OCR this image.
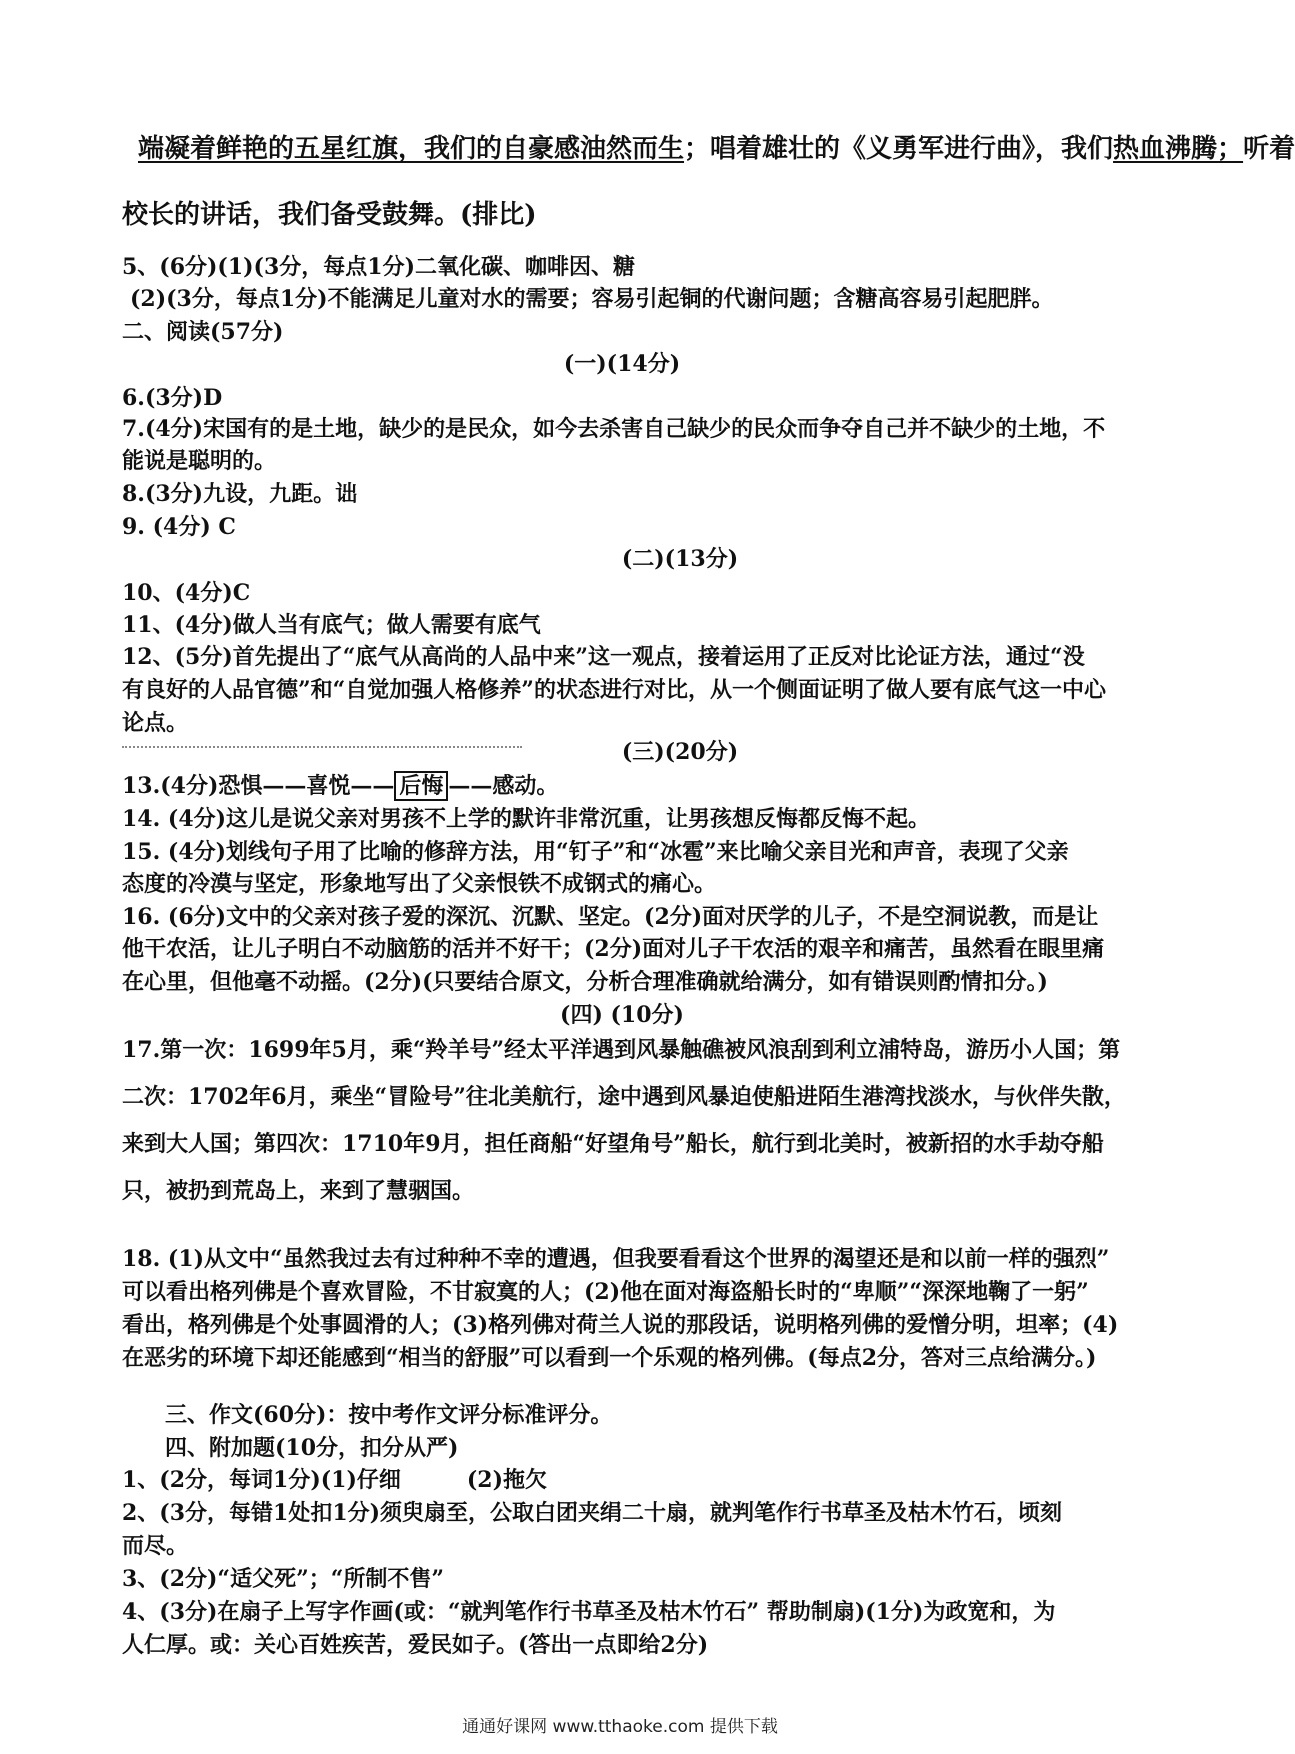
端凝着鲜艳的五星红旗，我们的自豪感油然而生；唱着雄壮的《义勇军进行曲》，我们热血沸腾；听着
校长的讲话，我们备受鼓舞。(排比)
5、(6分)(1)(3分，每点1分)二氧化碳、咖啡因、糖
(2)(3分，每点1分)不能满足儿童对水的需要；容易引起铜的代谢问题；含糖高容易引起肥胖。
二、阅读(57分)
(一)(14分)
6.(3分)D
7.(4分)宋国有的是土地，缺少的是民众，如今去杀害自己缺少的民众而争夺自己并不缺少的土地，不
能说是聪明的。
8.(3分)九设，九距。诎
9. (4分) C
(二)(13分)
10、(4分)C
11、(4分)做人当有底气；做人需要有底气
12、(5分)首先提出了“底气从高尚的人品中来”这一观点，接着运用了正反对比论证方法，通过“没
有良好的人品官德”和“自觉加强人格修养”的状态进行对比，从一个侧面证明了做人要有底气这一中心
论点。
(三)(20分)
13.(4分)恐惧——喜悦—— 后悔 ——感动。
14. (4分)这儿是说父亲对男孩不上学的默许非常沉重，让男孩想反悔都反悔不起。
15. (4分)划线句子用了比喻的修辞方法，用“钉子”和“冰雹”来比喻父亲目光和声音，表现了父亲
态度的冷漠与坚定，形象地写出了父亲恨铁不成钢式的痛心。
16. (6分)文中的父亲对孩子爱的深沉、沉默、坚定。(2分)面对厌学的儿子，不是空洞说教，而是让
他干农活，让儿子明白不动脑筋的活并不好干；(2分)面对儿子干农活的艰辛和痛苦，虽然看在眼里痛
在心里，但他毫不动摇。(2分)(只要结合原文，分析合理准确就给满分，如有错误则酌情扣分。)
(四) (10分)
17.第一次：1699年5月，乘“羚羊号”经太平洋遇到风暴触礁被风浪刮到利立浦特岛，游历小人国；第
二次：1702年6月，乘坐“冒险号”往北美航行，途中遇到风暴迫使船进陌生港湾找淡水，与伙伴失散，
来到大人国；第四次：1710年9月，担任商船“好望角号”船长，航行到北美时，被新招的水手劫夺船
只，被扔到荒岛上，来到了慧骃国。
18. (1)从文中“虽然我过去有过种种不幸的遭遇，但我要看看这个世界的渴望还是和以前一样的强烈”
可以看出格列佛是个喜欢冒险，不甘寂寞的人；(2)他在面对海盗船长时的“卑顺”“深深地鞠了一躬”
看出，格列佛是个处事圆滑的人；(3)格列佛对荷兰人说的那段话，说明格列佛的爱憎分明，坦率；(4)
在恶劣的环境下却还能感到“相当的舒服”可以看到一个乐观的格列佛。(每点2分，答对三点给满分。)
三、作文(60分)：按中考作文评分标准评分。
四、附加题(10分，扣分从严)
1、(2分，每词1分)(1)仔细	(2)拖欠
2、(3分，每错1处扣1分)须臾扇至，公取白团夹绢二十扇，就判笔作行书草圣及枯木竹石，顷刻
而尽。
3、(2分)“适父死”；“所制不售”
4、(3分)在扇子上写字作画(或：“就判笔作行书草圣及枯木竹石” 帮助制扇)(1分)为政宽和，为
人仁厚。或：关心百姓疾苦，爱民如子。(答出一点即给2分)
通通好课网 www.tthaoke.com 提供下载
